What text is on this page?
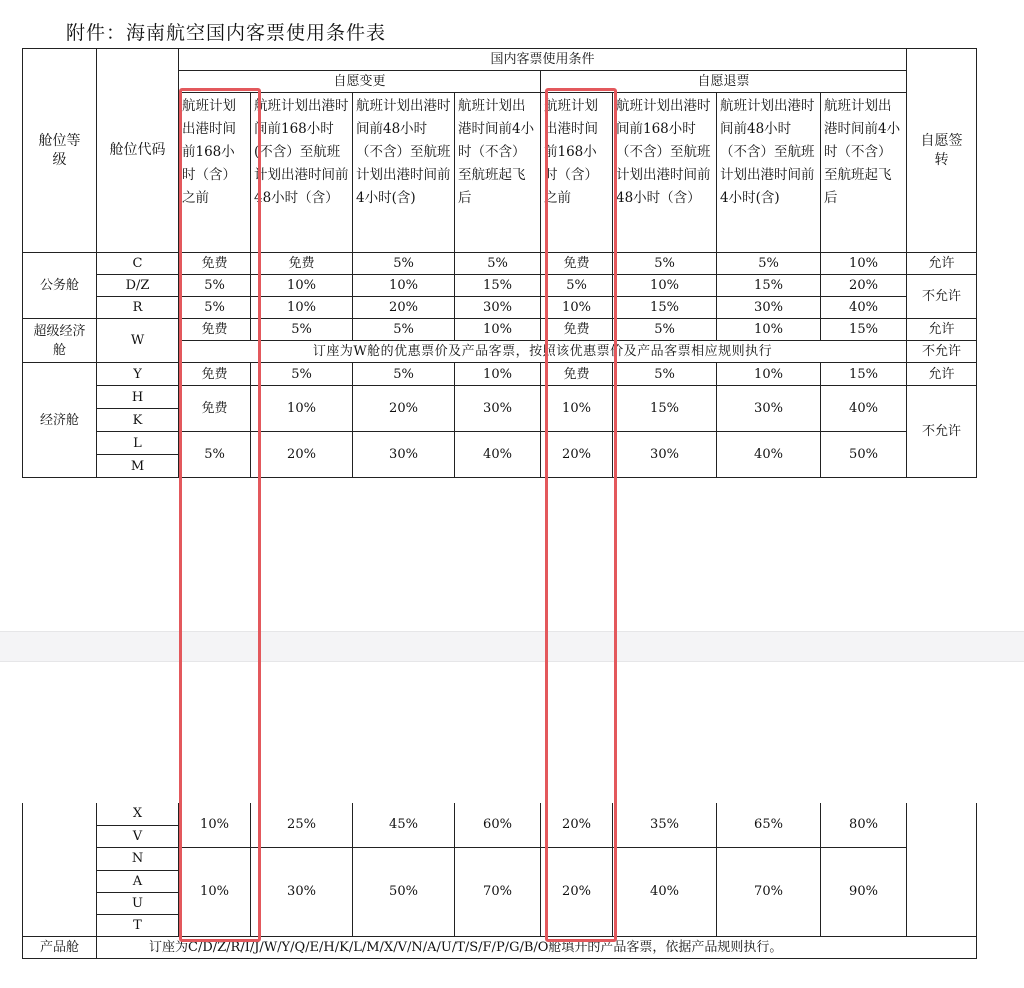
附件：海南航空国内客票使用条件表
舱位等级	舱位代码	国内客票使用条件								自愿签转
		自愿变更				自愿退票				
		航班计划出港时间前168小时（含）之前	航班计划出港时间前168小时(不含）至航班计划出港时间前48小时（含）	航班计划出港时间前48小时（不含）至航班计划出港时间前4小时(含)	航班计划出港时间前4小时（不含）至航班起飞后	航班计划出港时间前168小时（含）之前	航班计划出港时间前168小时（不含）至航班计划出港时间前48小时（含）	航班计划出港时间前48小时（不含）至航班计划出港时间前4小时(含)	航班计划出港时间前4小时（不含）至航班起飞后	
公务舱	C	免费	免费	5%	5%	免费	5%	5%	10%	允许
	D/Z	5%	10%	10%	15%	5%	10%	15%	20%	不允许
	R	5%	10%	20%	30%	10%	15%	30%	40%	
超级经济舱	W	免费	5%	5%	10%	免费	5%	10%	15%	允许
		订座为W舱的优惠票价及产品客票，按照该优惠票价及产品客票相应规则执行								不允许
经济舱	Y	免费	5%	5%	10%	免费	5%	10%	15%	允许
	H	免费	10%	20%	30%	10%	15%	30%	40%	不允许
	K									
	L	5%	20%	30%	40%	20%	30%	40%	50%	
	M									
	X	10%	25%	45%	60%	20%	35%	65%	80%	
	V									
	N	10%	30%	50%	70%	20%	40%	70%	90%	
	A									
	U									
	T									
产品舱	订座为C/D/Z/R/I/J/W/Y/Q/E/H/K/L/M/X/V/N/A/U/T/S/F/P/G/B/O舱填开的产品客票，依据产品规则执行。									
